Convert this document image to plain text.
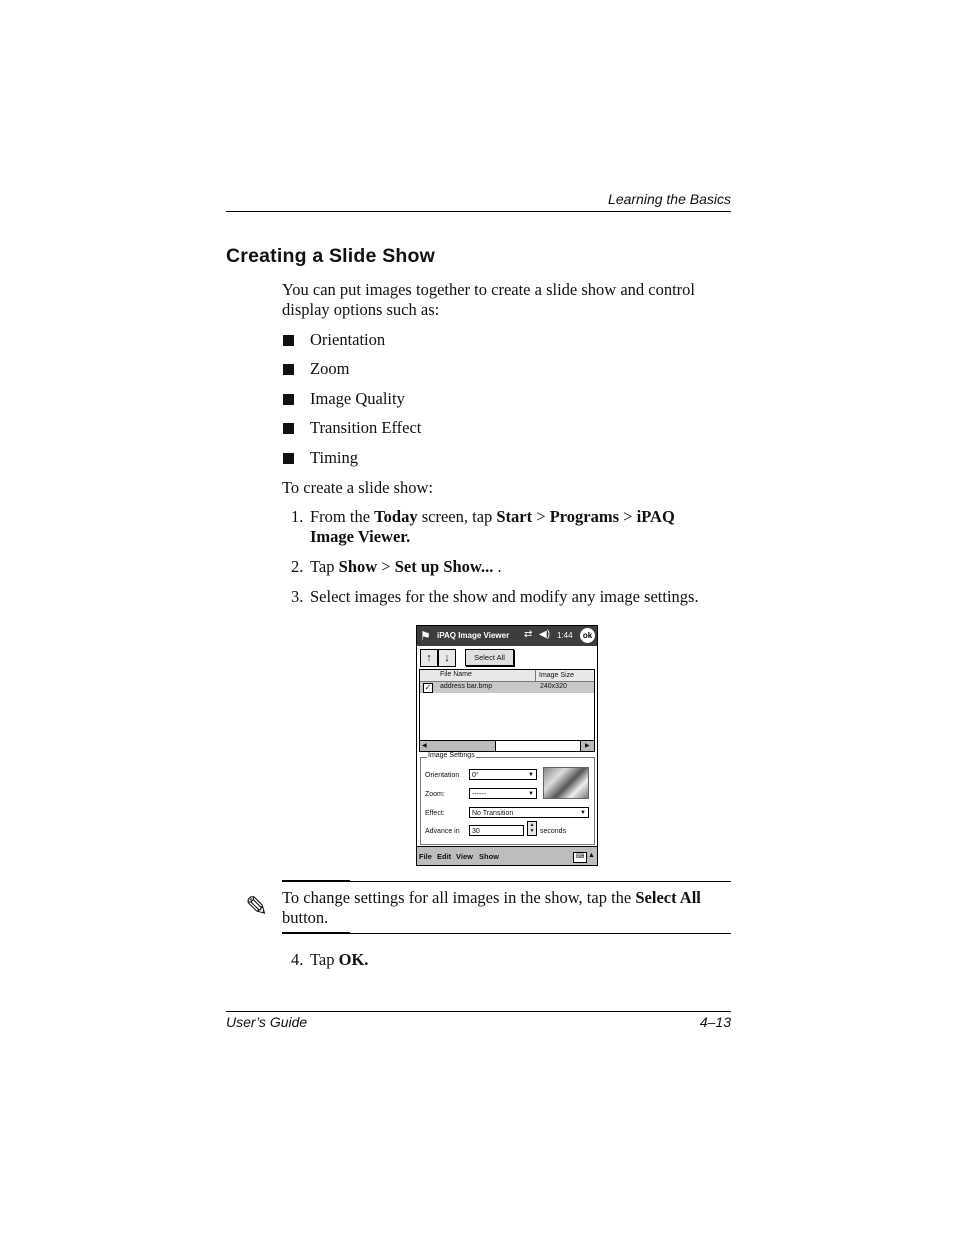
Learning the Basics
Creating a Slide Show
You can put images together to create a slide show and control
display options such as:
Orientation
Zoom
Image Quality
Transition Effect
Timing
To create a slide show:
1. From the Today screen, tap Start > Programs > iPAQ
Image Viewer.
2. Tap Show > Set up Show... .
3. Select images for the show and modify any image settings.
⚑ iPAQ Image Viewer ⇄ ◀) 1:44	ok
↑	↓	Select All
File Name	Image Size
✓ address bar.bmp	240x320
◀	▶
Image Settings
Orientation	0°	▼
Zoom:	------	▼
Effect:	No Transition	▼
Advance in	30	seconds
▲
▼
File Edit View Show	⌨ ▲
✎ To change settings for all images in the show, tap the Select All
button.
4. Tap OK.
User’s Guide	4–13
